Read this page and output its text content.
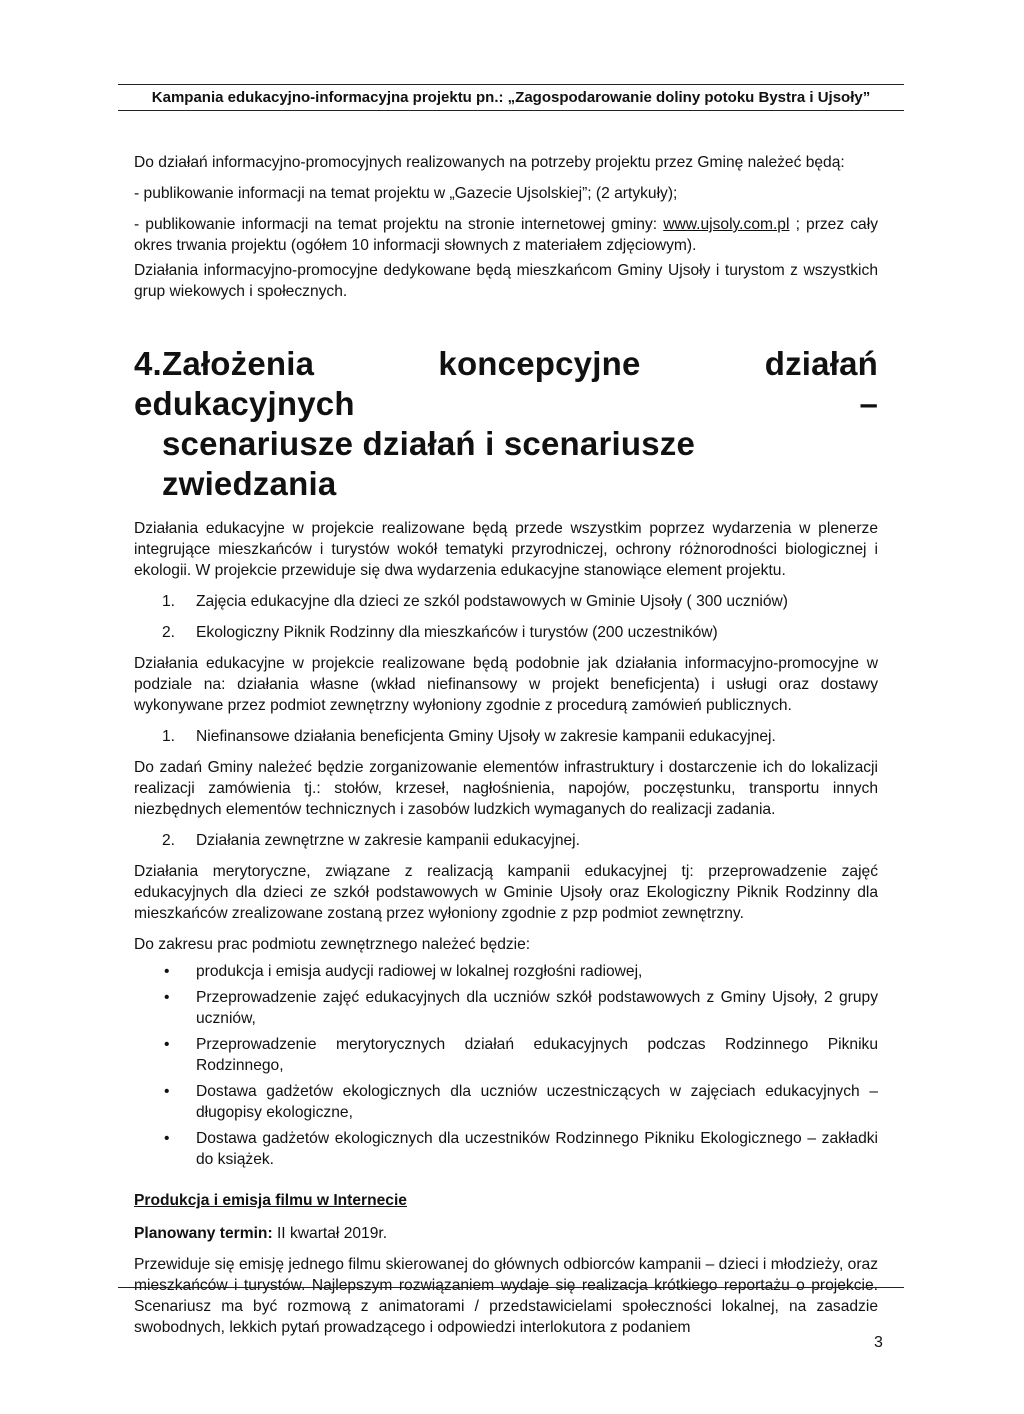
Kampania edukacyjno-informacyjna projektu pn.: „Zagospodarowanie doliny potoku Bystra i Ujsoły”

Do działań informacyjno-promocyjnych realizowanych na potrzeby projektu przez Gminę należeć będą:

- publikowanie informacji na temat projektu w „Gazecie Ujsolskiej”; (2 artykuły);

- publikowanie informacji na temat projektu na stronie internetowej gminy: www.ujsoly.com.pl ; przez cały okres trwania projektu (ogółem 10 informacji słownych z materiałem zdjęciowym).

Działania informacyjno-promocyjne dedykowane będą mieszkańcom Gminy Ujsoły i turystom z wszystkich grup wiekowych i społecznych.

4.Założenia koncepcyjne działań edukacyjnych –
scenariusze działań i scenariusze zwiedzania

Działania edukacyjne w projekcie realizowane będą przede wszystkim poprzez wydarzenia w plenerze integrujące mieszkańców i turystów wokół tematyki przyrodniczej, ochrony różnorodności biologicznej i ekologii. W projekcie przewiduje się dwa wydarzenia edukacyjne stanowiące element projektu.

1. Zajęcia edukacyjne dla dzieci ze szkól podstawowych w Gminie Ujsoły ( 300 uczniów)
2. Ekologiczny Piknik Rodzinny dla mieszkańców i turystów (200 uczestników)

Działania edukacyjne w projekcie realizowane będą podobnie jak działania informacyjno-promocyjne w podziale na: działania własne (wkład niefinansowy w projekt beneficjenta) i usługi oraz dostawy wykonywane przez podmiot zewnętrzny wyłoniony zgodnie z procedurą zamówień publicznych.

1. Niefinansowe działania beneficjenta Gminy Ujsoły w zakresie kampanii edukacyjnej.

Do zadań Gminy należeć będzie zorganizowanie elementów infrastruktury i dostarczenie ich do lokalizacji realizacji zamówienia tj.: stołów, krzeseł, nagłośnienia, napojów, poczęstunku, transportu innych niezbędnych elementów technicznych i zasobów ludzkich wymaganych do realizacji zadania.

2. Działania zewnętrzne w zakresie kampanii edukacyjnej.

Działania merytoryczne, związane z realizacją kampanii edukacyjnej tj: przeprowadzenie zajęć edukacyjnych dla dzieci ze szkół podstawowych w Gminie Ujsoły oraz Ekologiczny Piknik Rodzinny dla mieszkańców zrealizowane zostaną przez wyłoniony zgodnie z pzp podmiot zewnętrzny.

Do zakresu prac podmiotu zewnętrznego należeć będzie:

• produkcja i emisja audycji radiowej w lokalnej rozgłośni radiowej,
• Przeprowadzenie zajęć edukacyjnych dla uczniów szkół podstawowych z Gminy Ujsoły, 2 grupy uczniów,
• Przeprowadzenie merytorycznych działań edukacyjnych podczas Rodzinnego Pikniku Rodzinnego,
• Dostawa gadżetów ekologicznych dla uczniów uczestniczących w zajęciach edukacyjnych – długopisy ekologiczne,
• Dostawa gadżetów ekologicznych dla uczestników Rodzinnego Pikniku Ekologicznego – zakładki do książek.
Produkcja i emisja filmu w Internecie

Planowany termin: II kwartał 2019r.

Przewiduje się emisję jednego filmu skierowanej do głównych odbiorców kampanii – dzieci i młodzieży, oraz mieszkańców i turystów. Najlepszym rozwiązaniem wydaje się realizacja krótkiego reportażu o projekcie. Scenariusz ma być rozmową z animatorami / przedstawicielami społeczności lokalnej, na zasadzie swobodnych, lekkich pytań prowadzącego i odpowiedzi interlokutora z podaniem

3
